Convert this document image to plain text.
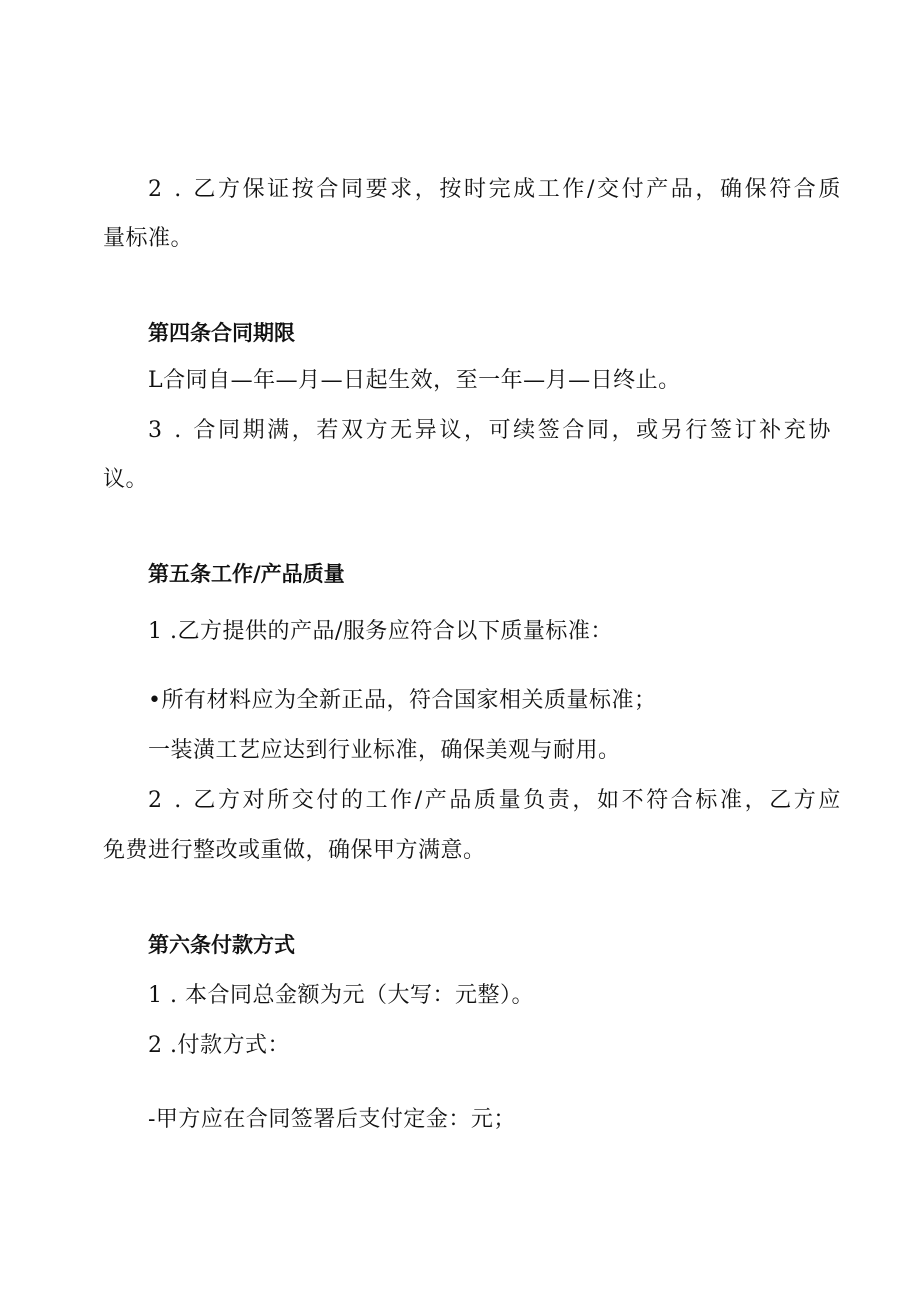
2 . 乙方保证按合同要求，按时完成工作/交付产品，确保符合质
量标准。
第四条合同期限
L合同自—年—月—日起生效，至一年—月—日终止。
3 . 合同期满，若双方无异议，可续签合同，或另行签订补充协
议。
第五条工作/产品质量
1 .乙方提供的产品/服务应符合以下质量标准：
•所有材料应为全新正品，符合国家相关质量标准；
一装潢工艺应达到行业标准，确保美观与耐用。
2 . 乙方对所交付的工作/产品质量负责，如不符合标准，乙方应
免费进行整改或重做，确保甲方满意。
第六条付款方式
1 . 本合同总金额为元（大写：元整）。
2 .付款方式：
-甲方应在合同签署后支付定金：元；
